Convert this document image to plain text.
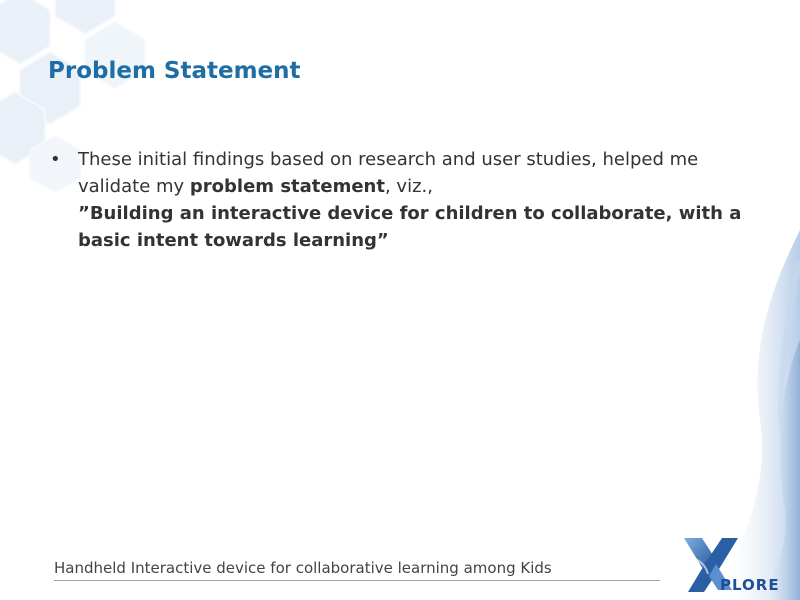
Problem Statement
• These initial findings based on research and user studies, helped me
validate my problem statement, viz.,
”Building an interactive device for children to collaborate, with a basic intent towards learning”
Handheld Interactive device for collaborative learning among Kids
PLORE
